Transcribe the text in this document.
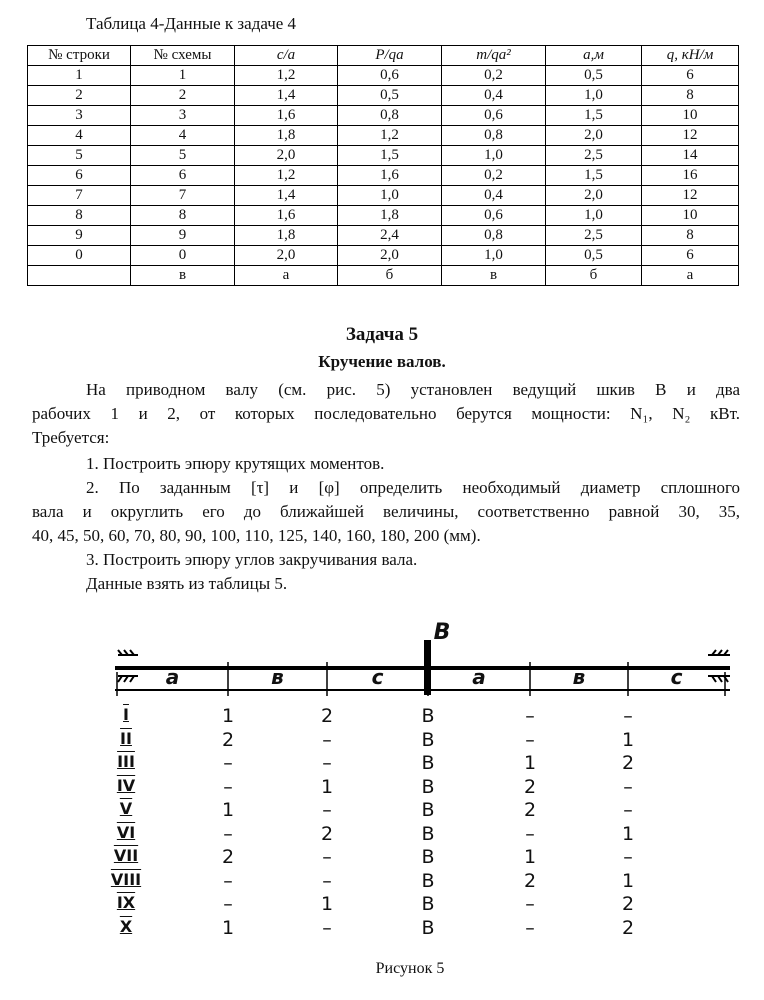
Таблица 4-Данные к задаче 4
№ строки	№ схемы	c/a	P/qa	m/qa²	a,м	q, кН/м
1	1	1,2	0,6	0,2	0,5	6
2	2	1,4	0,5	0,4	1,0	8
3	3	1,6	0,8	0,6	1,5	10
4	4	1,8	1,2	0,8	2,0	12
5	5	2,0	1,5	1,0	2,5	14
6	6	1,2	1,6	0,2	1,5	16
7	7	1,4	1,0	0,4	2,0	12
8	8	1,6	1,8	0,6	1,0	10
9	9	1,8	2,4	0,8	2,5	8
0	0	2,0	2,0	1,0	0,5	6
	в	а	б	в	б	а
Задача 5
Кручение валов.
На приводном валу (см. рис. 5) установлен ведущий шкив B и два
рабочих 1 и 2, от которых последовательно берутся мощности: N₁, N₂ кВт.
Требуется:
1. Построить эпюру крутящих моментов.
2. По заданным [τ] и [φ] определить необходимый диаметр сплошного
вала и округлить его до ближайшей величины, соответственно равной 30, 35,
40, 45, 50, 60, 70, 80, 90, 100, 110, 125, 140, 160, 180, 200 (мм).
3. Построить эпюру углов закручивания вала.
Данные взять из таблицы 5.
B
a	в	c	a	в	c
I	1	2	B	–	–
II	2	–	B	–	1
III	–	–	B	1	2
IV	–	1	B	2	–
V	1	–	B	2	–
VI	–	2	B	–	1
VII	2	–	B	1	–
VIII	–	–	B	2	1
IX	–	1	B	–	2
X	1	–	B	–	2
Рисунок 5
